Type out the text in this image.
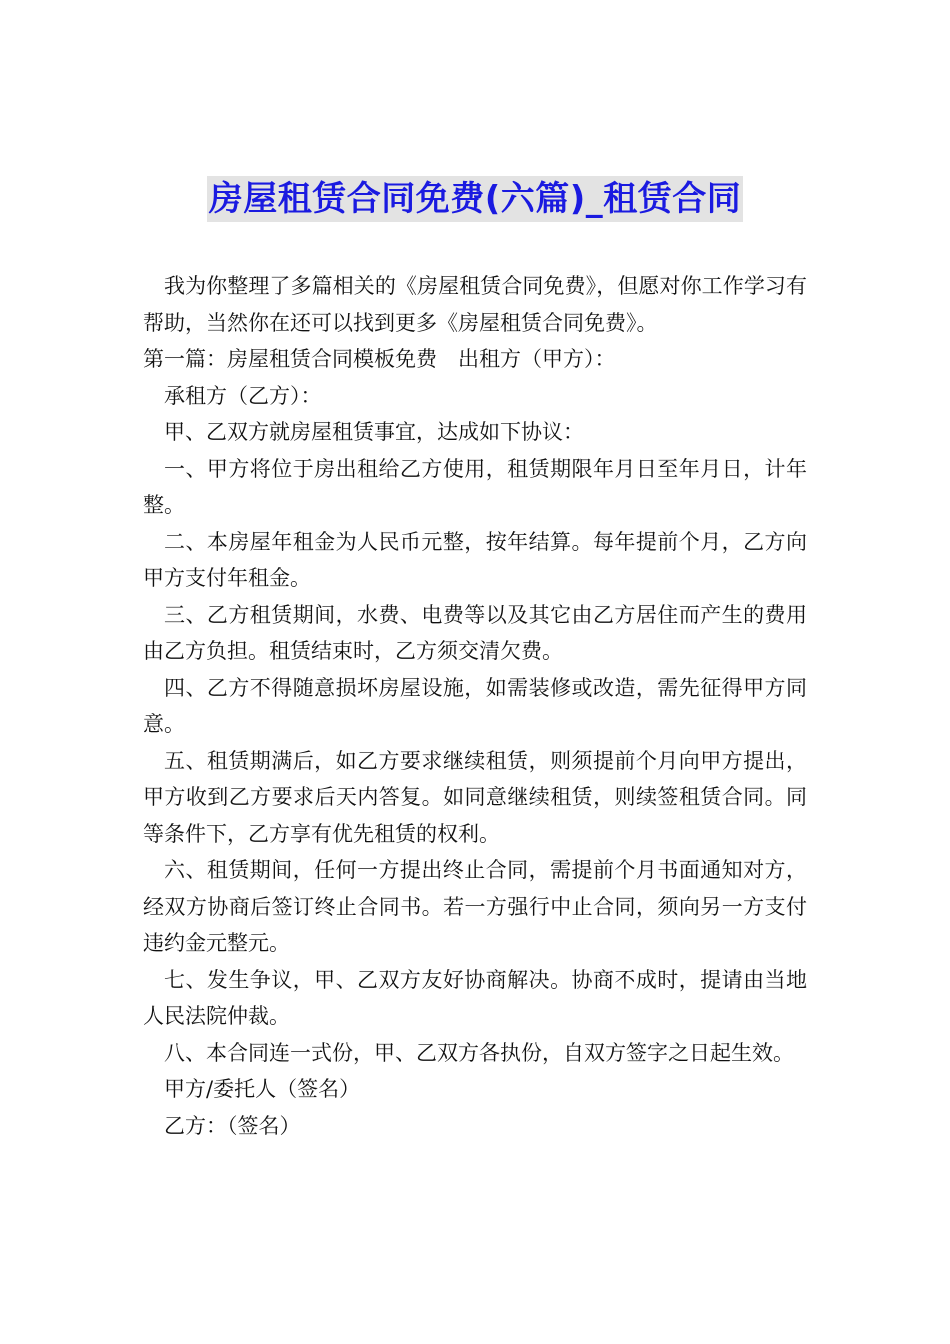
房屋租赁合同免费(六篇)_租赁合同

我为你整理了多篇相关的《房屋租赁合同免费》，但愿对你工作学习有帮助，当然你在还可以找到更多《房屋租赁合同免费》。

第一篇：房屋租赁合同模板免费　出租方（甲方）：

承租方（乙方）：

甲、乙双方就房屋租赁事宜，达成如下协议：

一、甲方将位于房出租给乙方使用，租赁期限年月日至年月日，计年整。

二、本房屋年租金为人民币元整，按年结算。每年提前个月，乙方向甲方支付年租金。

三、乙方租赁期间，水费、电费等以及其它由乙方居住而产生的费用由乙方负担。租赁结束时，乙方须交清欠费。

四、乙方不得随意损坏房屋设施，如需装修或改造，需先征得甲方同意。

五、租赁期满后，如乙方要求继续租赁，则须提前个月向甲方提出，甲方收到乙方要求后天内答复。如同意继续租赁，则续签租赁合同。同等条件下，乙方享有优先租赁的权利。

六、租赁期间，任何一方提出终止合同，需提前个月书面通知对方，经双方协商后签订终止合同书。若一方强行中止合同，须向另一方支付违约金元整元。

七、发生争议，甲、乙双方友好协商解决。协商不成时，提请由当地人民法院仲裁。

八、本合同连一式份，甲、乙双方各执份，自双方签字之日起生效。

甲方/委托人（签名）

乙方：（签名）
